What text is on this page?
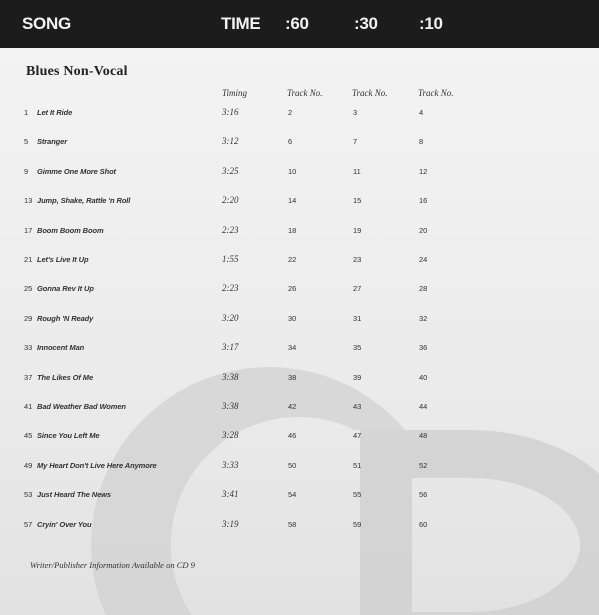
SONG	TIME :60	:30 :10
Blues Non-Vocal
Timing	Track No.	Track No.	Track No.
1 Let It Ride	3:16	2	3	4
5 Stranger	3:12	6	7	8
9 Gimme One More Shot	3:25	10	11	12
13 Jump, Shake, Rattle 'n Roll	2:20	14	15	16
17 Boom Boom Boom	2:23	18	19	20
21 Let's Live It Up	1:55	22	23	24
25 Gonna Rev It Up	2:23	26	27	28
29 Rough 'N Ready	3:20	30	31	32
33 Innocent Man	3:17	34	35	36
37 The Likes Of Me	3:38	38	39	40
41 Bad Weather Bad Women	3:38	42	43	44
45 Since You Left Me	3:28	46	47	48
49 My Heart Don't Live Here Anymore	3:33	50	51	52
53 Just Heard The News	3:41	54	55	56
57 Cryin' Over You	3:19	58	59	60
Writer/Publisher Information Available on CD 9
